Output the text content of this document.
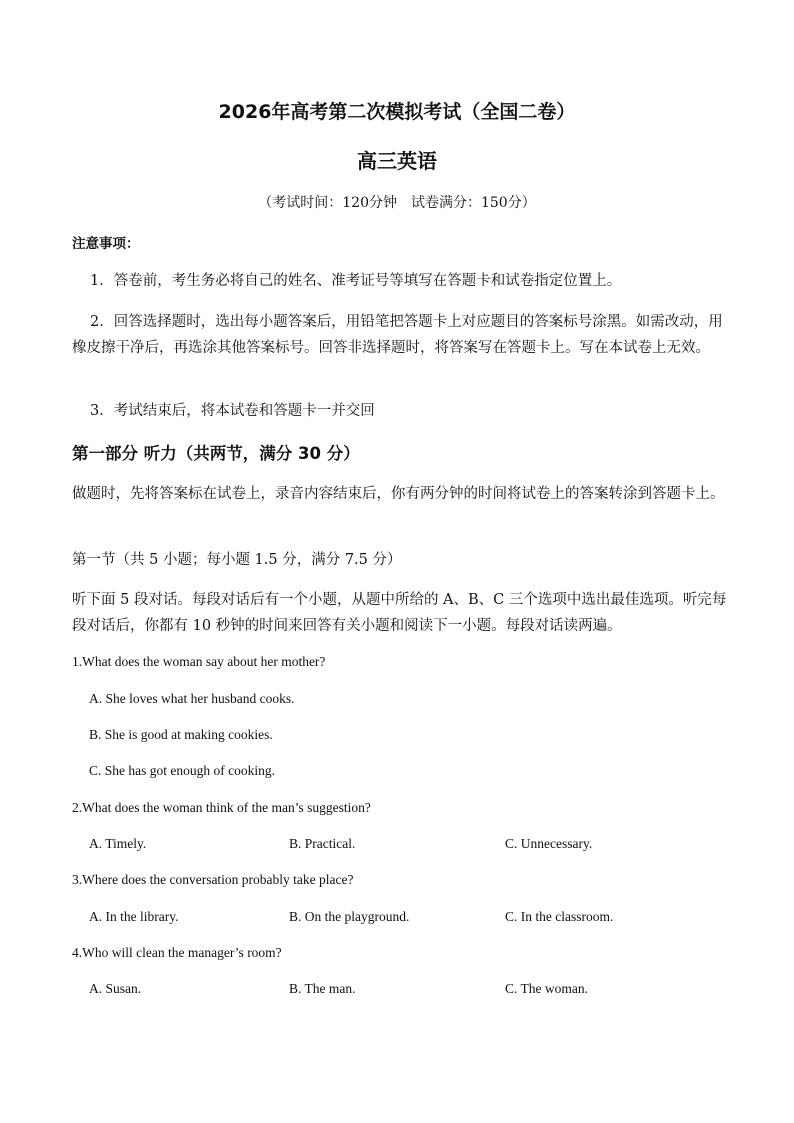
2026年高考第二次模拟考试（全国二卷）
高三英语
（考试时间：120分钟　试卷满分：150分）
注意事项：
1．答卷前，考生务必将自己的姓名、准考证号等填写在答题卡和试卷指定位置上。
2．回答选择题时，选出每小题答案后，用铅笔把答题卡上对应题目的答案标号涂黑。如需改动，用橡皮擦干净后，再选涂其他答案标号。回答非选择题时，将答案写在答题卡上。写在本试卷上无效。
3．考试结束后，将本试卷和答题卡一并交回
第一部分 听力（共两节，满分 30 分）
做题时，先将答案标在试卷上，录音内容结束后，你有两分钟的时间将试卷上的答案转涂到答题卡上。
第一节（共 5 小题；每小题 1.5 分，满分 7.5 分）
听下面 5 段对话。每段对话后有一个小题，从题中所给的 A、B、C 三个选项中选出最佳选项。听完每段对话后，你都有 10 秒钟的时间来回答有关小题和阅读下一小题。每段对话读两遍。
1.What does the woman say about her mother?
A. She loves what her husband cooks.
B. She is good at making cookies.
C. She has got enough of cooking.
2.What does the woman think of the man’s suggestion?
A. Timely.	B. Practical.	C. Unnecessary.
3.Where does the conversation probably take place?
A. In the library.	B. On the playground.	C. In the classroom.
4.Who will clean the manager’s room?
A. Susan.	B. The man.	C. The woman.
